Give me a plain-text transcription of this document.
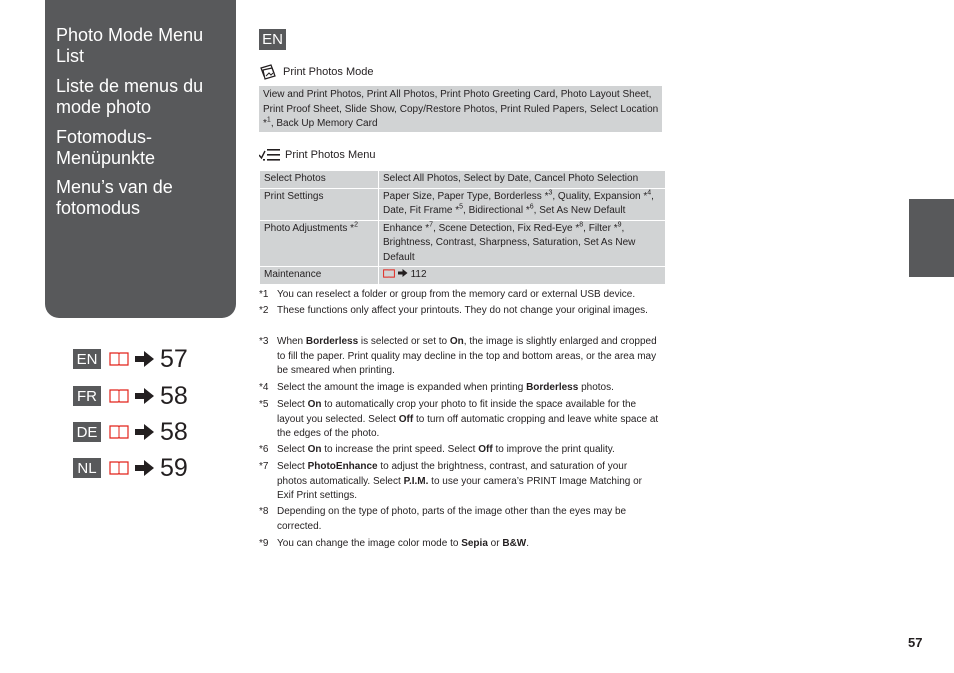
Photo Mode Menu List
Liste de menus du mode photo
Fotomodus-Menüpunkte
Menu’s van de fotomodus
EN	57
FR	58
DE	58
NL	59
EN
Print Photos Mode
View and Print Photos, Print All Photos, Print Photo Greeting Card, Photo Layout Sheet, Print Proof Sheet, Slide Show, Copy/Restore Photos, Print Ruled Papers, Select Location *$^1$, Back Up Memory Card
Print Photos Menu
Select Photos	Select All Photos, Select by Date, Cancel Photo Selection
Print Settings	Paper Size, Paper Type, Borderless *$^3$, Quality, Expansion *$^4$, Date, Fit Frame *$^5$, Bidirectional *$^6$, Set As New Default
Photo Adjustments *$^2$	Enhance *$^7$, Scene Detection, Fix Red-Eye *$^8$, Filter *$^9$, Brightness, Contrast, Sharpness, Saturation, Set As New Default
Maintenance	112
*1 You can reselect a folder or group from the memory card or external USB device.
*2 These functions only affect your printouts. They do not change your original images.
*3 When Borderless is selected or set to On, the image is slightly enlarged and cropped to fill the paper. Print quality may decline in the top and bottom areas, or the area may be smeared when printing.
*4 Select the amount the image is expanded when printing Borderless photos.
*5 Select On to automatically crop your photo to fit inside the space available for the layout you selected. Select Off to turn off automatic cropping and leave white space at the edges of the photo.
*6 Select On to increase the print speed. Select Off to improve the print quality.
*7 Select PhotoEnhance to adjust the brightness, contrast, and saturation of your photos automatically. Select P.I.M. to use your camera’s PRINT Image Matching or Exif Print settings.
*8 Depending on the type of photo, parts of the image other than the eyes may be corrected.
*9 You can change the image color mode to Sepia or B&W.
57
